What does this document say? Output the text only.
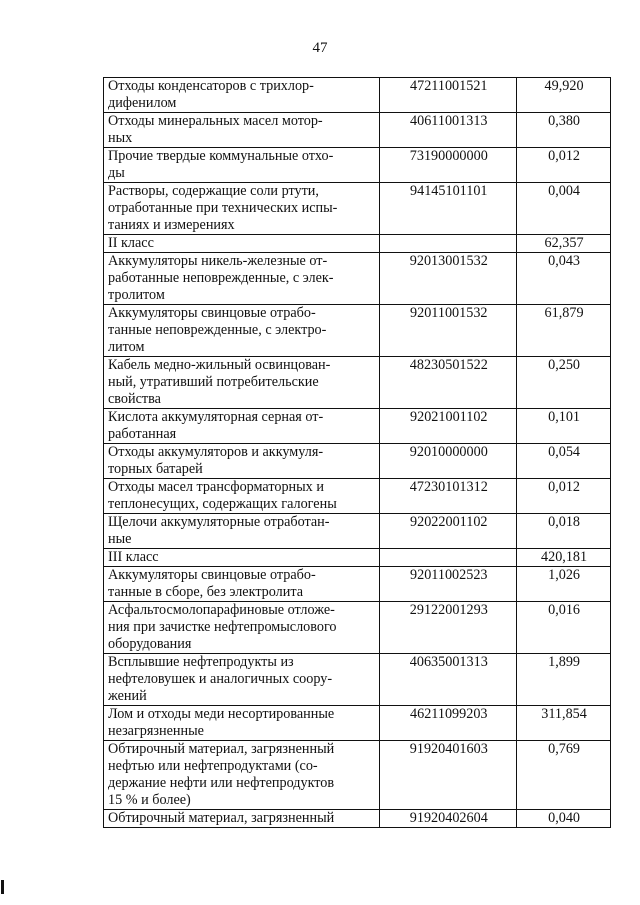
47
Отходы конденсаторов с трихлор-
дифенилом	47211001521	49,920
Отходы минеральных масел мотор-
ных	40611001313	0,380
Прочие твердые коммунальные отхо-
ды	73190000000	0,012
Растворы, содержащие соли ртути,
отработанные при технических испы-
таниях и измерениях	94145101101	0,004
II класс		62,357
Аккумуляторы никель-железные от-
работанные неповрежденные, с элек-
тролитом	92013001532	0,043
Аккумуляторы свинцовые отрабо-
танные неповрежденные, с электро-
литом	92011001532	61,879
Кабель медно-жильный освинцован-
ный, утративший потребительские
свойства	48230501522	0,250
Кислота аккумуляторная серная от-
работанная	92021001102	0,101
Отходы аккумуляторов и аккумуля-
торных батарей	92010000000	0,054
Отходы масел трансформаторных и
теплонесущих, содержащих галогены	47230101312	0,012
Щелочи аккумуляторные отработан-
ные	92022001102	0,018
III класс		420,181
Аккумуляторы свинцовые отрабо-
танные в сборе, без электролита	92011002523	1,026
Асфальтосмолопарафиновые отложе-
ния при зачистке нефтепромыслового
оборудования	29122001293	0,016
Всплывшие нефтепродукты из
нефтеловушек и аналогичных соору-
жений	40635001313	1,899
Лом и отходы меди несортированные
незагрязненные	46211099203	311,854
Обтирочный материал, загрязненный
нефтью или нефтепродуктами (со-
держание нефти или нефтепродуктов
15 % и более)	91920401603	0,769
Обтирочный материал, загрязненный	91920402604	0,040
